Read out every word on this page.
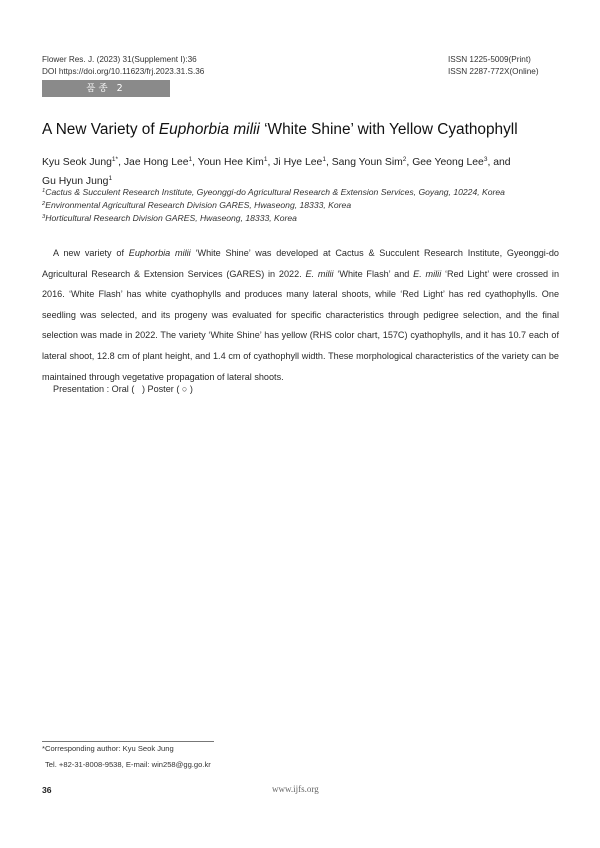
Flower Res. J. (2023) 31(Supplement I):36
DOI https://doi.org/10.11623/frj.2023.31.S.36
ISSN 1225-5009(Print)
ISSN 2287-772X(Online)
품종 2
A New Variety of Euphorbia milii ‘White Shine’ with Yellow Cyathophyll
Kyu Seok Jung$^{1*}$, Jae Hong Lee$^1$, Youn Hee Kim$^1$, Ji Hye Lee$^1$, Sang Youn Sim$^2$, Gee Yeong Lee$^3$, and
Gu Hyun Jung$^1$
$^1$Cactus & Succulent Research Institute, Gyeonggi-do Agricultural Research & Extension Services, Goyang, 10224, Korea
$^2$Environmental Agricultural Research Division GARES, Hwaseong, 18333, Korea
$^3$Horticultural Research Division GARES, Hwaseong, 18333, Korea
A new variety of Euphorbia milii ‘White Shine’ was developed at Cactus & Succulent Research Institute, Gyeonggi-do Agricultural Research & Extension Services (GARES) in 2022. E. milii ‘White Flash’ and E. milii ‘Red Light’ were crossed in 2016. ‘White Flash’ has white cyathophylls and produces many lateral shoots, while ‘Red Light’ has red cyathophylls. One seedling was selected, and its progeny was evaluated for specific characteristics through pedigree selection, and the final selection was made in 2022. The variety ‘White Shine’ has yellow (RHS color chart, 157C) cyathophylls, and it has 10.7 each of lateral shoot, 12.8 cm of plant height, and 1.4 cm of cyathophyll width. These morphological characteristics of the variety can be maintained through vegetative propagation of lateral shoots.
Presentation : Oral (   ) Poster ( ○ )
*Corresponding author: Kyu Seok Jung
Tel. +82-31-8008-9538, E-mail: win258@gg.go.kr
36	www.ijfs.org
